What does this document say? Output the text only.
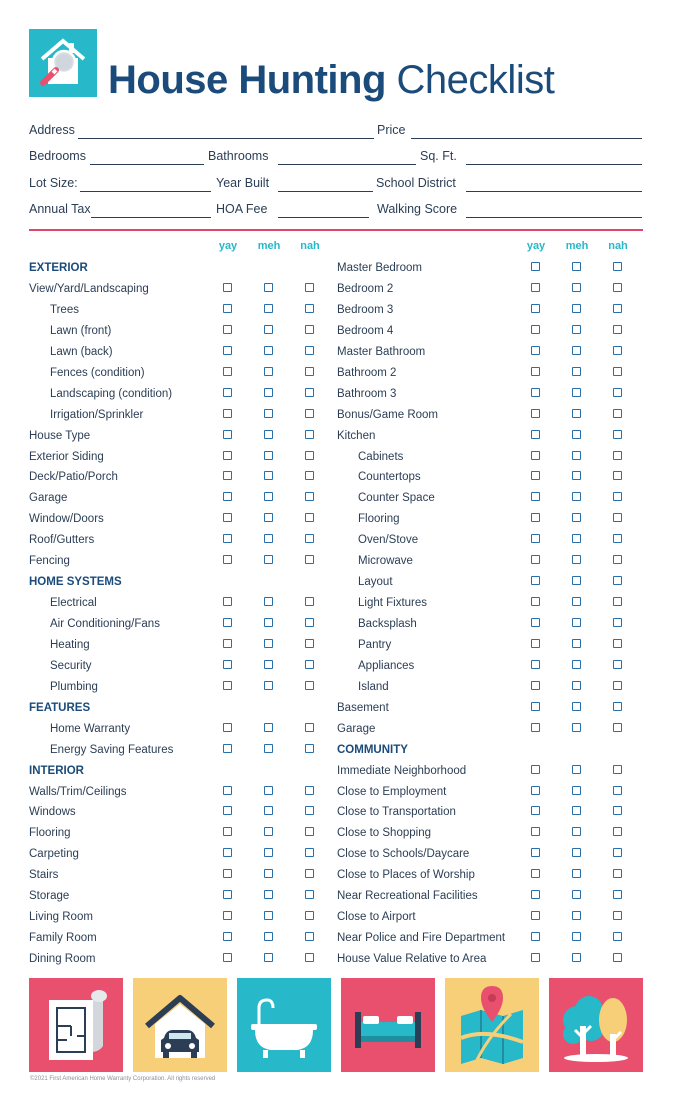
House Hunting Checklist
Address	Price
Bedrooms	Bathrooms	Sq. Ft.
Lot Size:	Year Built	School District
Annual Tax	HOA Fee	Walking Score
yay meh nah	yay meh nah
EXTERIOR
View/Yard/Landscaping
Trees
Lawn (front)
Lawn (back)
Fences (condition)
Landscaping (condition)
Irrigation/Sprinkler
House Type
Exterior Siding
Deck/Patio/Porch
Garage
Window/Doors
Roof/Gutters
Fencing
HOME SYSTEMS
Electrical
Air Conditioning/Fans
Heating
Security
Plumbing
FEATURES
Home Warranty
Energy Saving Features
INTERIOR
Walls/Trim/Ceilings
Windows
Flooring
Carpeting
Stairs
Storage
Living Room
Family Room
Dining Room
Master Bedroom
Bedroom 2
Bedroom 3
Bedroom 4
Master Bathroom
Bathroom 2
Bathroom 3
Bonus/Game Room
Kitchen
Cabinets
Countertops
Counter Space
Flooring
Oven/Stove
Microwave
Layout
Light Fixtures
Backsplash
Pantry
Appliances
Island
Basement
Garage
COMMUNITY
Immediate Neighborhood
Close to Employment
Close to Transportation
Close to Shopping
Close to Schools/Daycare
Close to Places of Worship
Near Recreational Facilities
Close to Airport
Near Police and Fire Department
House Value Relative to Area
©2021 First American Home Warranty Corporation. All rights reserved
